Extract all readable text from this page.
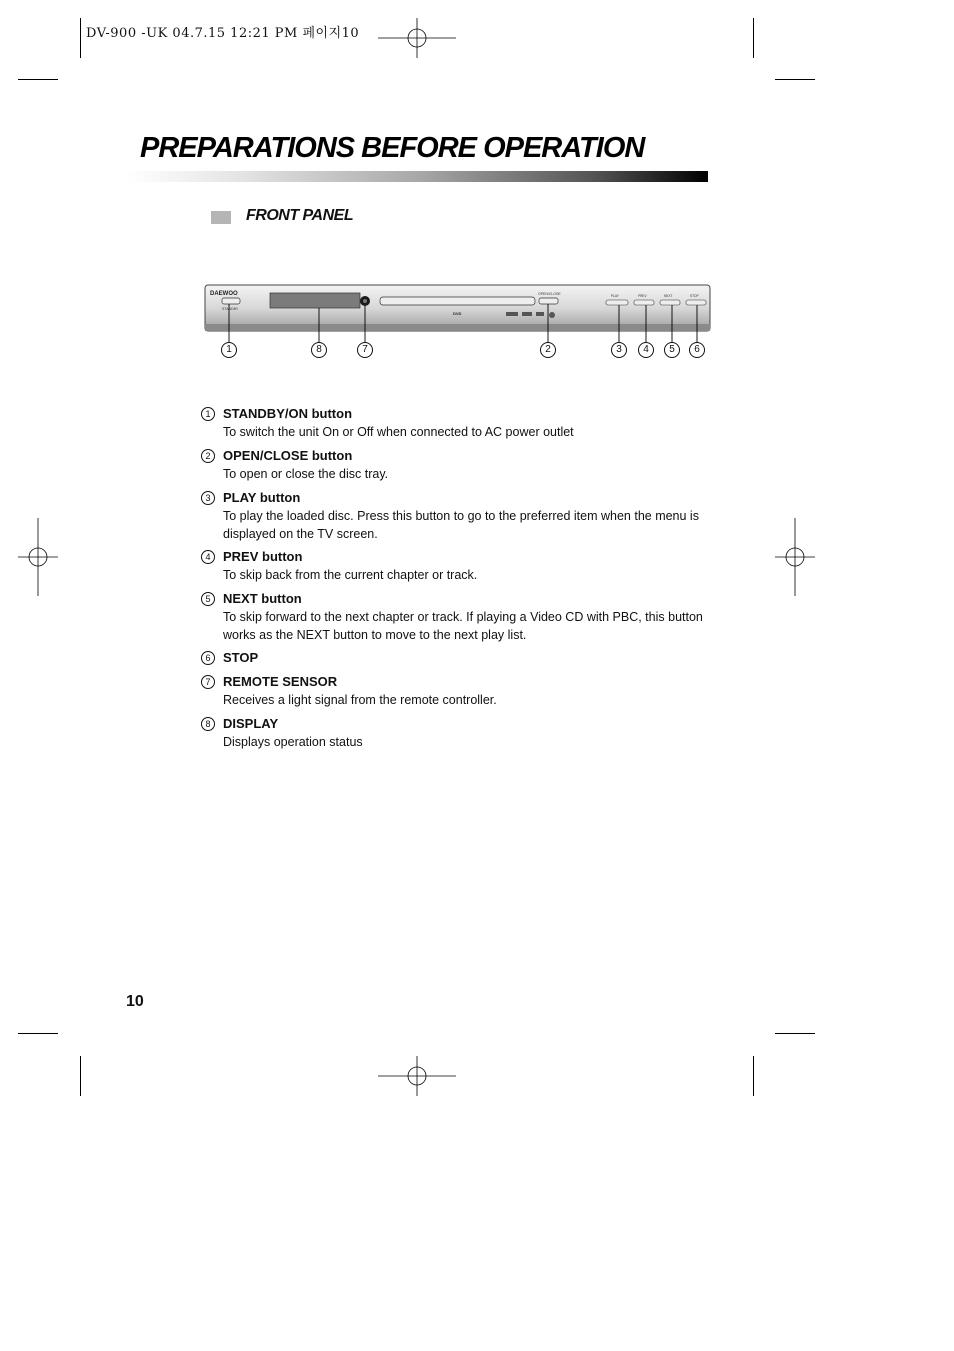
DV-900 -UK 04.7.15 12:21 PM 페이지10
PREPARATIONS BEFORE OPERATION
FRONT PANEL
DAEWOO
STANDBY
OPEN/CLOSE
DVD
PLAY	PREV	NEXT	STOP
1	8	7	2	3	4	5	6
1 STANDBY/ON button
To switch the unit On or Off when connected to AC power outlet
2 OPEN/CLOSE button
To open or close the disc tray.
3 PLAY button
To play the loaded disc. Press this button to go to the preferred item when the menu is displayed on the TV screen.
4 PREV button
To skip back from the current chapter or track.
5 NEXT button
To skip forward to the next chapter or track. If playing a Video CD with PBC, this button works as the NEXT button to move to the next play list.
6 STOP
7 REMOTE SENSOR
Receives a light signal from the remote controller.
8 DISPLAY
Displays operation status
10
